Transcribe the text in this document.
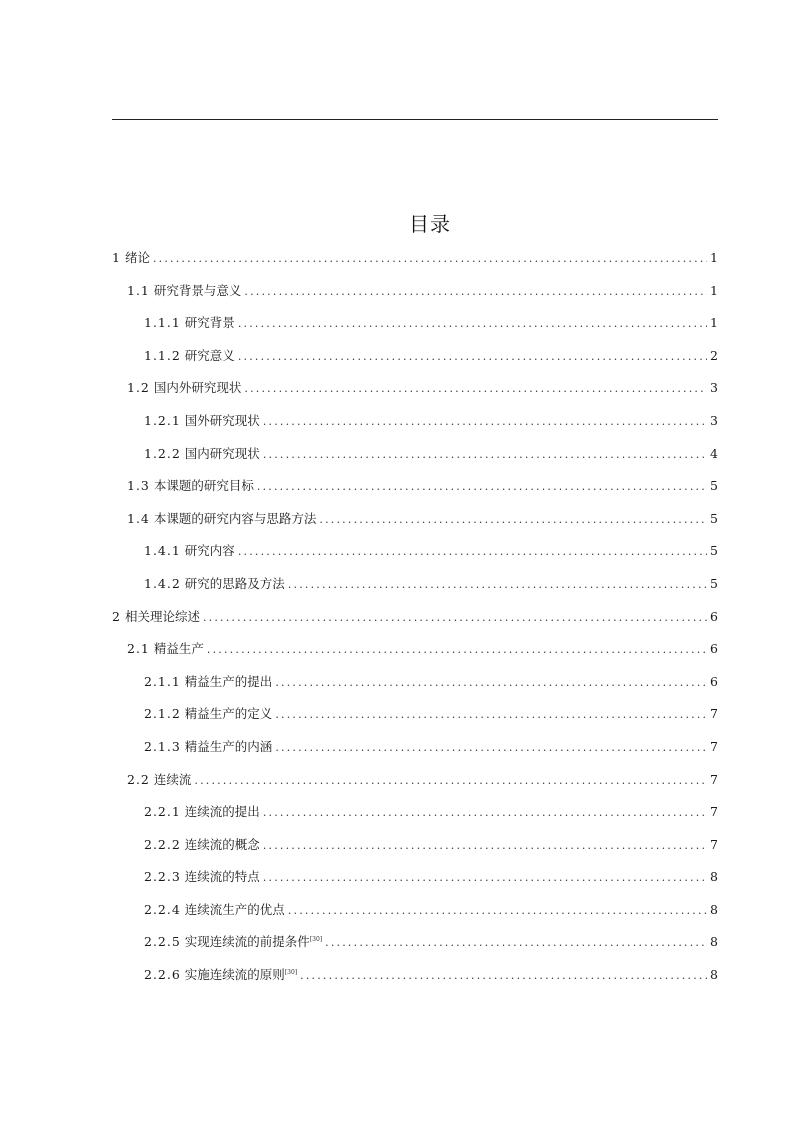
目录
1 绪论 .....	1
1.1 研究背景与意义 .....	1
1.1.1 研究背景 .....	1
1.1.2 研究意义 .....	2
1.2 国内外研究现状 .....	3
1.2.1 国外研究现状 .....	3
1.2.2 国内研究现状 .....	4
1.3 本课题的研究目标 .....	5
1.4 本课题的研究内容与思路方法 .....	5
1.4.1 研究内容 .....	5
1.4.2 研究的思路及方法 .....	5
2 相关理论综述 .....	6
2.1 精益生产 .....	6
2.1.1 精益生产的提出 .....	6
2.1.2 精益生产的定义 .....	7
2.1.3 精益生产的内涵 .....	7
2.2 连续流 .....	7
2.2.1 连续流的提出 .....	7
2.2.2 连续流的概念 .....	7
2.2.3 连续流的特点 .....	8
2.2.4 连续流生产的优点 .....	8
2.2.5 实现连续流的前提条件[30] .....	8
2.2.6 实施连续流的原则[30] .....	8
